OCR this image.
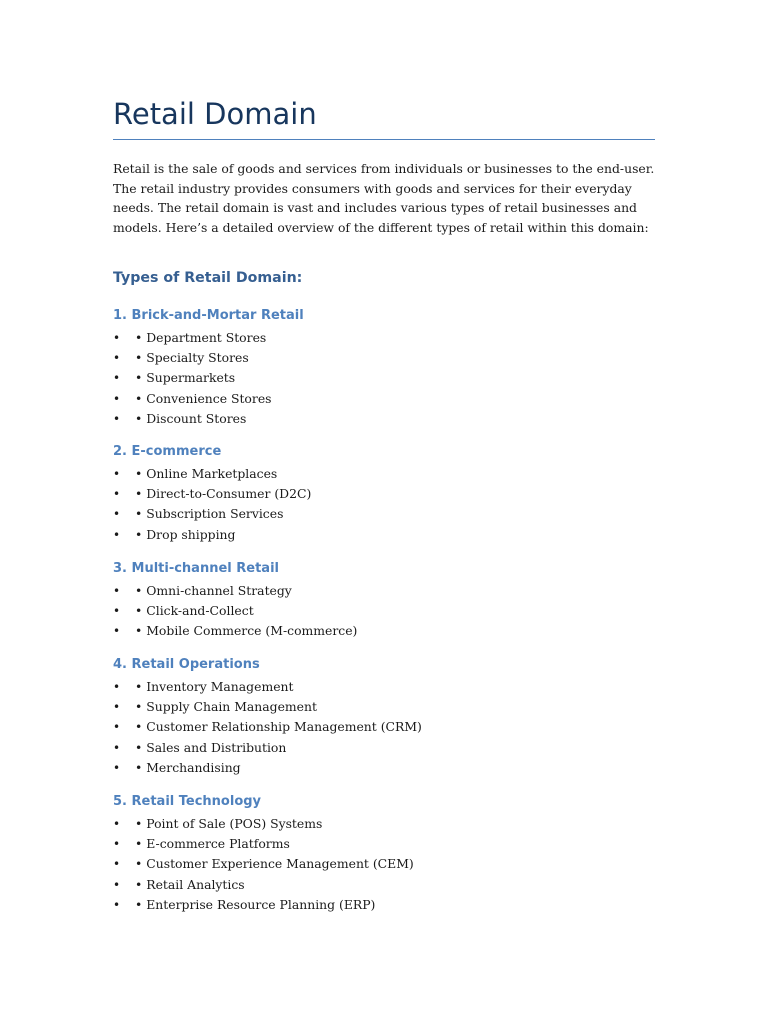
Retail Domain

Retail is the sale of goods and services from individuals or businesses to the end-user. The retail industry provides consumers with goods and services for their everyday needs. The retail domain is vast and includes various types of retail businesses and models. Here’s a detailed overview of the different types of retail within this domain:

Types of Retail Domain:
1. Brick-and-Mortar Retail
•	• Department Stores
•	• Specialty Stores
•	• Supermarkets
•	• Convenience Stores
•	• Discount Stores
2. E-commerce
•	• Online Marketplaces
•	• Direct-to-Consumer (D2C)
•	• Subscription Services
•	• Drop shipping
3. Multi-channel Retail
•	• Omni-channel Strategy
•	• Click-and-Collect
•	• Mobile Commerce (M-commerce)
4. Retail Operations
•	• Inventory Management
•	• Supply Chain Management
•	• Customer Relationship Management (CRM)
•	• Sales and Distribution
•	• Merchandising
5. Retail Technology
•	• Point of Sale (POS) Systems
•	• E-commerce Platforms
•	• Customer Experience Management (CEM)
•	• Retail Analytics
•	• Enterprise Resource Planning (ERP)
